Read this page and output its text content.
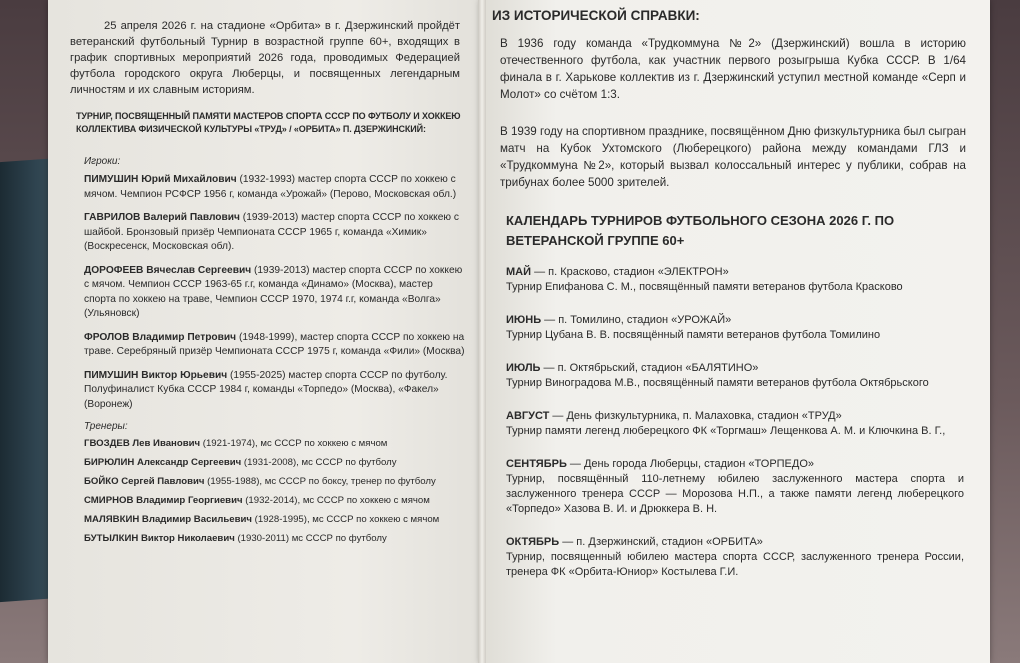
25 апреля 2026 г. на стадионе «Орбита» в г. Дзержинский пройдёт ветеранский футбольный Турнир в возрастной группе 60+, входящих в график спортивных мероприятий 2026 года, проводимых Федерацией футбола городского округа Люберцы, и посвященных легендарным личностям и их славным историям.

ТУРНИР, ПОСВЯЩЕННЫЙ ПАМЯТИ МАСТЕРОВ СПОРТА СССР ПО ФУТБОЛУ И ХОККЕЮ КОЛЛЕКТИВА ФИЗИЧЕСКОЙ КУЛЬТУРЫ «ТРУД» / «ОРБИТА» П. ДЗЕРЖИНСКИЙ:

Игроки:

ПИМУШИН Юрий Михайлович (1932-1993) мастер спорта СССР по хоккею с мячом. Чемпион РСФСР 1956 г, команда «Урожай» (Перово, Московская обл.)
ГАВРИЛОВ Валерий Павлович (1939-2013) мастер спорта СССР по хоккею с шайбой. Бронзовый призёр Чемпионата СССР 1965 г, команда «Химик» (Воскресенск, Московская обл).
ДОРОФЕЕВ Вячеслав Сергеевич (1939-2013) мастер спорта СССР по хоккею с мячом. Чемпион СССР 1963-65 г.г, команда «Динамо» (Москва), мастер спорта по хоккею на траве, Чемпион СССР 1970, 1974 г.г, команда «Волга» (Ульяновск)
ФРОЛОВ Владимир Петрович (1948-1999), мастер спорта СССР по хоккею на траве. Серебряный призёр Чемпионата СССР 1975 г, команда «Фили» (Москва)
ПИМУШИН Виктор Юрьевич (1955-2025) мастер спорта СССР по футболу. Полуфиналист Кубка СССР 1984 г, команды «Торпедо» (Москва), «Факел» (Воронеж)

Тренеры:

ГВОЗДЕВ Лев Иванович (1921-1974), мс СССР по хоккею с мячом
БИРЮЛИН Александр Сергеевич (1931-2008), мс СССР по футболу
БОЙКО Сергей Павлович (1955-1988), мс СССР по боксу, тренер по футболу
СМИРНОВ Владимир Георгиевич (1932-2014), мс СССР по хоккею с мячом
МАЛЯВКИН Владимир Васильевич (1928-1995), мс СССР по хоккею с мячом
БУТЫЛКИН Виктор Николаевич (1930-2011) мс СССР по футболу
ИЗ ИСТОРИЧЕСКОЙ СПРАВКИ:

В 1936 году команда «Трудкоммуна №2» (Дзержинский) вошла в историю отечественного футбола, как участник первого розыгрыша Кубка СССР. В 1/64 финала в г. Харькове коллектив из г. Дзержинский уступил местной команде «Серп и Молот» со счётом 1:3.

В 1939 году на спортивном празднике, посвящённом Дню физкультурника был сыгран матч на Кубок Ухтомского (Люберецкого) района между командами ГЛЗ и «Трудкоммуна №2», который вызвал колоссальный интерес у публики, собрав на трибунах более 5000 зрителей.

КАЛЕНДАРЬ ТУРНИРОВ ФУТБОЛЬНОГО СЕЗОНА 2026 Г. ПО ВЕТЕРАНСКОЙ ГРУППЕ 60+
МАЙ — п. Красково, стадион «ЭЛЕКТРОН»
Турнир Епифанова С. М., посвящённый памяти ветеранов футбола Красково
ИЮНЬ — п. Томилино, стадион «УРОЖАЙ»
Турнир Цубана В. В. посвящённый памяти ветеранов футбола Томилино
ИЮЛЬ — п. Октябрьский, стадион «БАЛЯТИНО»
Турнир Виноградова М.В., посвящённый памяти ветеранов футбола Октябрьского
АВГУСТ — День физкультурника, п. Малаховка, стадион «ТРУД»
Турнир памяти легенд люберецкого ФК «Торгмаш» Лещенкова А. М. и Ключкина В. Г.,
СЕНТЯБРЬ — День города Люберцы, стадион «ТОРПЕДО»
Турнир, посвящённый 110-летнему юбилею заслуженного мастера спорта и заслуженного тренера СССР — Морозова Н.П., а также памяти легенд люберецкого «Торпедо» Хазова В. И. и Дрюккера В. Н.
ОКТЯБРЬ — п. Дзержинский, стадион «ОРБИТА»
Турнир, посвященный юбилею мастера спорта СССР, заслуженного тренера России, тренера ФК «Орбита-Юниор» Костылева Г.И.
